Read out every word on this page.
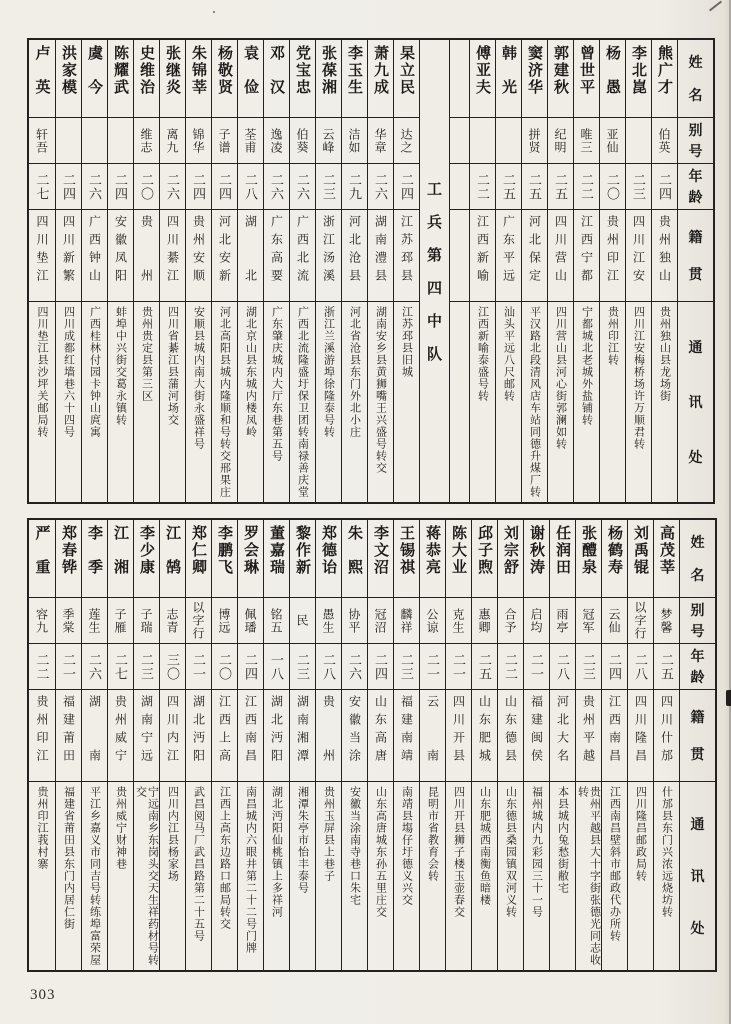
姓
名
别
号
年
龄
籍
贯
通
讯
处
熊广才
伯英
二四
贵州独山
贵州独山县龙场街
李北崑
二三
四川江安
四川江安梅桥场许万顺君转
杨　愚
亚仙
二〇
贵州印江
贵州印江转
曾世平
唯三
二二
江西宁都
宁都城北老城外盐铺转
郭建秋
纪明
二五
四川营山
四川营山县河心街郭澜如转
窦济华
拼贤
二五
河北保定
平汉路北段清风店车站同德升煤厂转
韩　光
二五
广东平远
汕头平远八尺邮转
傅亚夫
二二
江西新喻
江西新喻泰盛号转
工
兵
第
四
中
队
杲立民
达之
二四
江苏邳县
江苏邳县旧城
萧九成
华章
二六
湖南澧县
湖南安乡县黄狮嘴王兴盛号转交
李玉生
洁如
二九
河北沧县
河北省沧县东门外北小庄
张葆湘
云峰
二三
浙江汤溪
浙江兰溪游埠徐隆泰号转
党宝忠
伯葵
二六
广西北流
广西北流隆盛圩保卫团转南禄善庆堂
邓　汉
逸凌
二六
广东高要
广东肇庆城内大厅东巷第五号
袁　俭
荃甫
二八
湖　　北
湖北京山县东城内楼凤岭
杨敬贤
子谱
二四
河北安新
河北高阳县城内隆顺和号转交邢果庄
朱锦莘
锦华
二四
贵州安顺
安顺县城内南大街永盛祥号
张继炎
离九
二六
四川綦江
四川省綦江县蒲河场交
史维治
维志
二〇
贵　　州
贵州贵定县第三区
陈耀武
二四
安徽凤阳
蚌埠中兴街交葛永镇转
虞　今
二六
广西钟山
广西桂林付园卡钟山庹寓
洪家模
二四
四川新繁
四川成都红墙巷六十四号
卢　英
轩吾
二七
四川垫江
四川垫江县沙坪关邮局转
姓
名
别
号
年
龄
籍
贯
通
讯
处
高茂莘
梦馨
二五
四川什邡
什邡县东门兴浓远烧坊转
刘禹锟
以字行
二八
四川隆昌
四川隆昌邮政局转
杨鹤寿
云仙
二四
江西南昌
江西南昌壁斜市邮政代办所转
张醴泉
冠军
二三
贵州平越
贵州平越县大十字街张德光同志收转
任润田
雨亭
二八
河北大名
本县城内兔愁街敝宅
谢秋涛
启均
二一
福建闽侯
福州城内九彩园三十一号
刘宗舒
合予
二二
山东德县
山东德县桑园镇双河义转
邱子煦
惠卿
二五
山东肥城
山东肥城西南衡鱼暗楼
陈大业
克生
二一
四川开县
四川开县狮子楼玉壶春交
蒋恭亮
公谅
二一
云　　南
昆明市省教育会转
王锡祺
麟祥
二三
福建南靖
南靖县塲仔圩德义兴交
李文沼
冠沼
二四
山东高唐
山东高唐城东孙五里庄交
朱　熙
协平
二六
安徽当涂
安徽当涂南寺巷口朱宅
郑德诒
愚生
二八
贵　　州
贵州玉屏县上巷子
黎作新
民
二三
湖南湘潭
湘潭朱亭市怡丰泰号
董嘉瑞
铭五
一八
湖北沔阳
湖北沔阳仙桃镇上多祥河
罗会琳
佩璠
二四
江西南昌
南昌城内六眼井第二十二号门牌
李鹏飞
博远
二〇
江西上高
江西上高东边路口邮局转交
郑仁卿
以字行
二一
湖北沔阳
武昌阅马厂武昌路第二十五号
江　鹄
志青
三〇
四川内江
四川内江县杨家场
李少康
子瑞
二三
湖南宁远
宁远南乡东岗头交天生祥药材号转交
江　湘
子雁
二七
贵州威宁
贵州威宁财神巷
李　季
莲生
二六
湖　　南
平江乡嘉义市同吉号转练埠富荣屋
郑春铧
季棠
二一
福建莆田
福建省莆田县东门内居仁街
严　重
容九
二二
贵州印江
贵州印江莪村寨
303
